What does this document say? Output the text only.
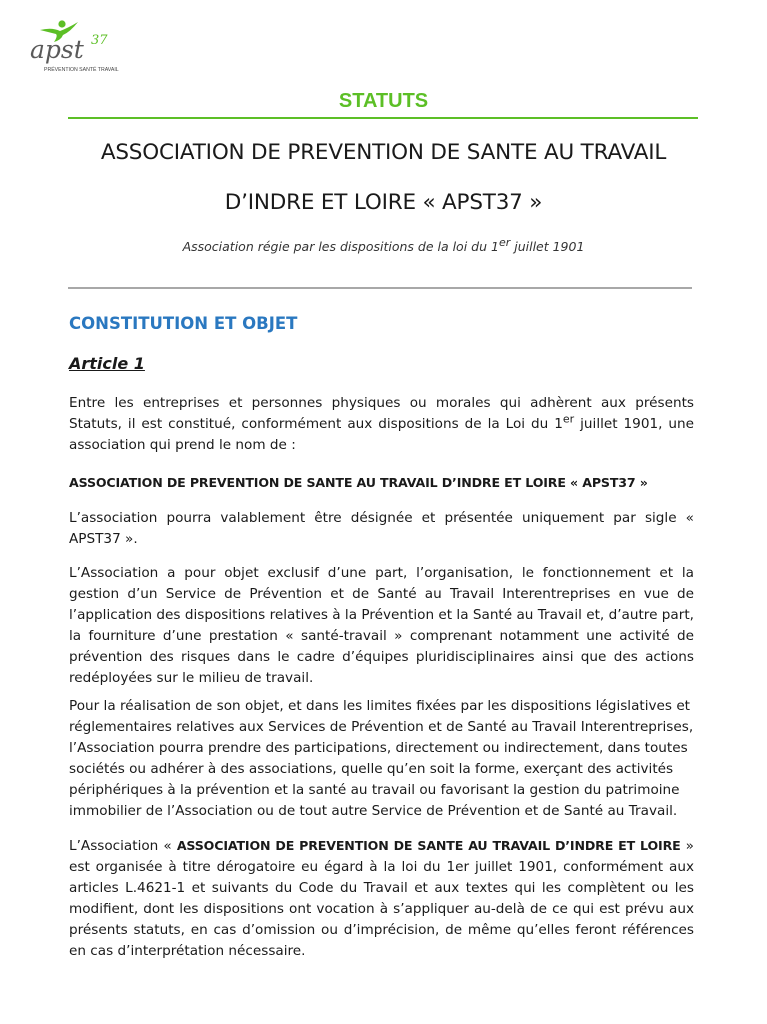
apst 37
PRÉVENTION SANTÉ TRAVAIL
STATUTS
ASSOCIATION DE PREVENTION DE SANTE AU TRAVAIL
D’INDRE ET LOIRE « APST37 »
Association régie par les dispositions de la loi du 1er juillet 1901
CONSTITUTION ET OBJET
Article 1
Entre les entreprises et personnes physiques ou morales qui adhèrent aux présents Statuts, il est constitué, conformément aux dispositions de la Loi du 1er juillet 1901, une association qui prend le nom de :
ASSOCIATION DE PREVENTION DE SANTE AU TRAVAIL D’INDRE ET LOIRE « APST37 »
L’association pourra valablement être désignée et présentée uniquement par sigle « APST37 ».
L’Association a pour objet exclusif d’une part, l’organisation, le fonctionnement et la gestion d’un Service de Prévention et de Santé au Travail Interentreprises en vue de l’application des dispositions relatives à la Prévention et la Santé au Travail et, d’autre part, la fourniture d’une prestation « santé-travail » comprenant notamment une activité de prévention des risques dans le cadre d’équipes pluridisciplinaires ainsi que des actions redéployées sur le milieu de travail.
Pour la réalisation de son objet, et dans les limites fixées par les dispositions législatives et réglementaires relatives aux Services de Prévention et de Santé au Travail Interentreprises, l’Association pourra prendre des participations, directement ou indirectement, dans toutes sociétés ou adhérer à des associations, quelle qu’en soit la forme, exerçant des activités périphériques à la prévention et la santé au travail ou favorisant la gestion du patrimoine immobilier de l’Association ou de tout autre Service de Prévention et de Santé au Travail.
L’Association « ASSOCIATION DE PREVENTION DE SANTE AU TRAVAIL D’INDRE ET LOIRE » est organisée à titre dérogatoire eu égard à la loi du 1er juillet 1901, conformément aux articles L.4621-1 et suivants du Code du Travail et aux textes qui les complètent ou les modifient, dont les dispositions ont vocation à s’appliquer au-delà de ce qui est prévu aux présents statuts, en cas d’omission ou d’imprécision, de même qu’elles feront références en cas d’interprétation nécessaire.
